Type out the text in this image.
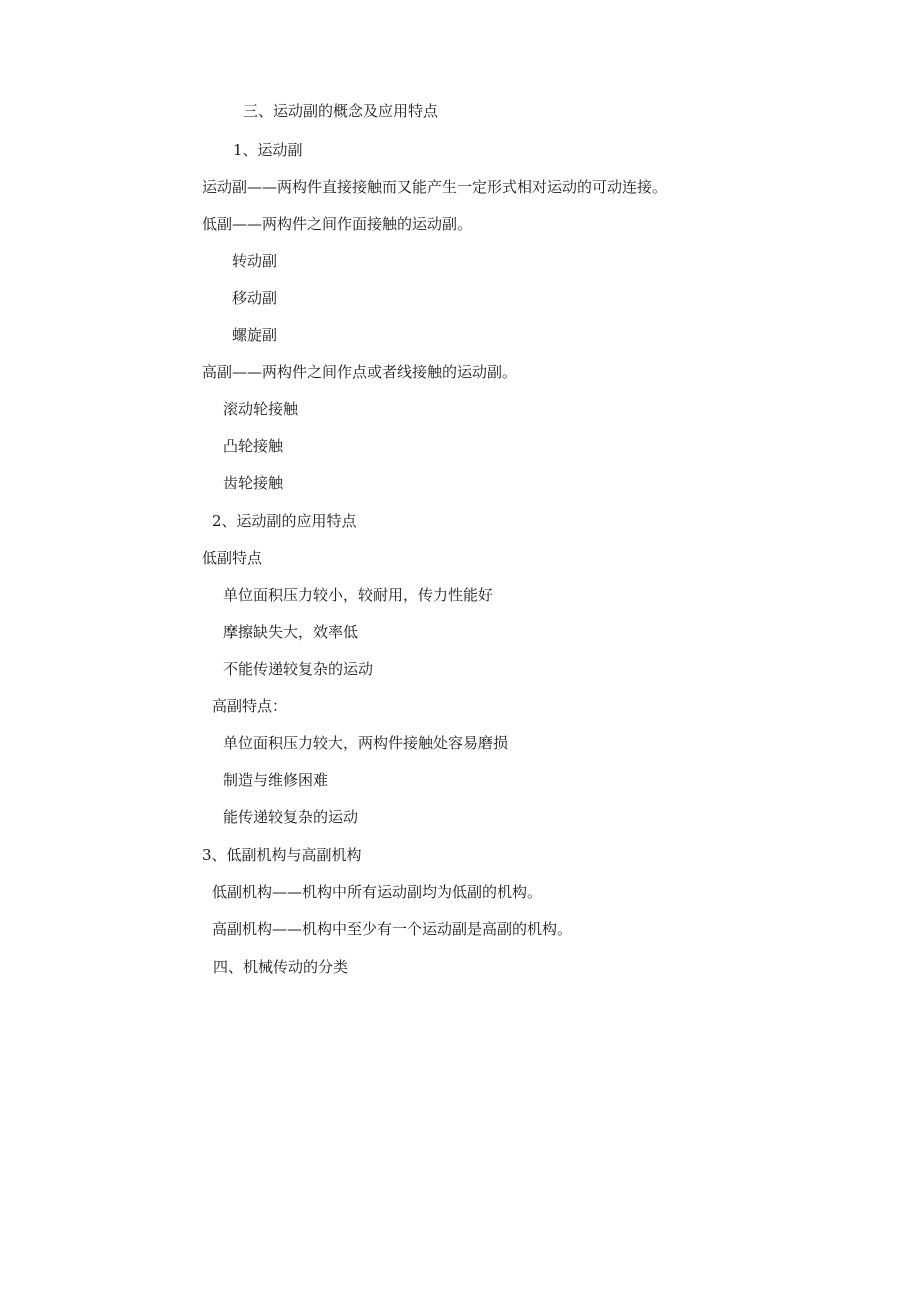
三、运动副的概念及应用特点
1、运动副
运动副——两构件直接接触而又能产生一定形式相对运动的可动连接。
低副——两构件之间作面接触的运动副。
转动副
移动副
螺旋副
高副——两构件之间作点或者线接触的运动副。
滚动轮接触
凸轮接触
齿轮接触
2、运动副的应用特点
低副特点
单位面积压力较小，较耐用，传力性能好
摩擦缺失大，效率低
不能传递较复杂的运动
高副特点：
单位面积压力较大，两构件接触处容易磨损
制造与维修困难
能传递较复杂的运动
3、低副机构与高副机构
低副机构——机构中所有运动副均为低副的机构。
高副机构——机构中至少有一个运动副是高副的机构。
四、机械传动的分类
